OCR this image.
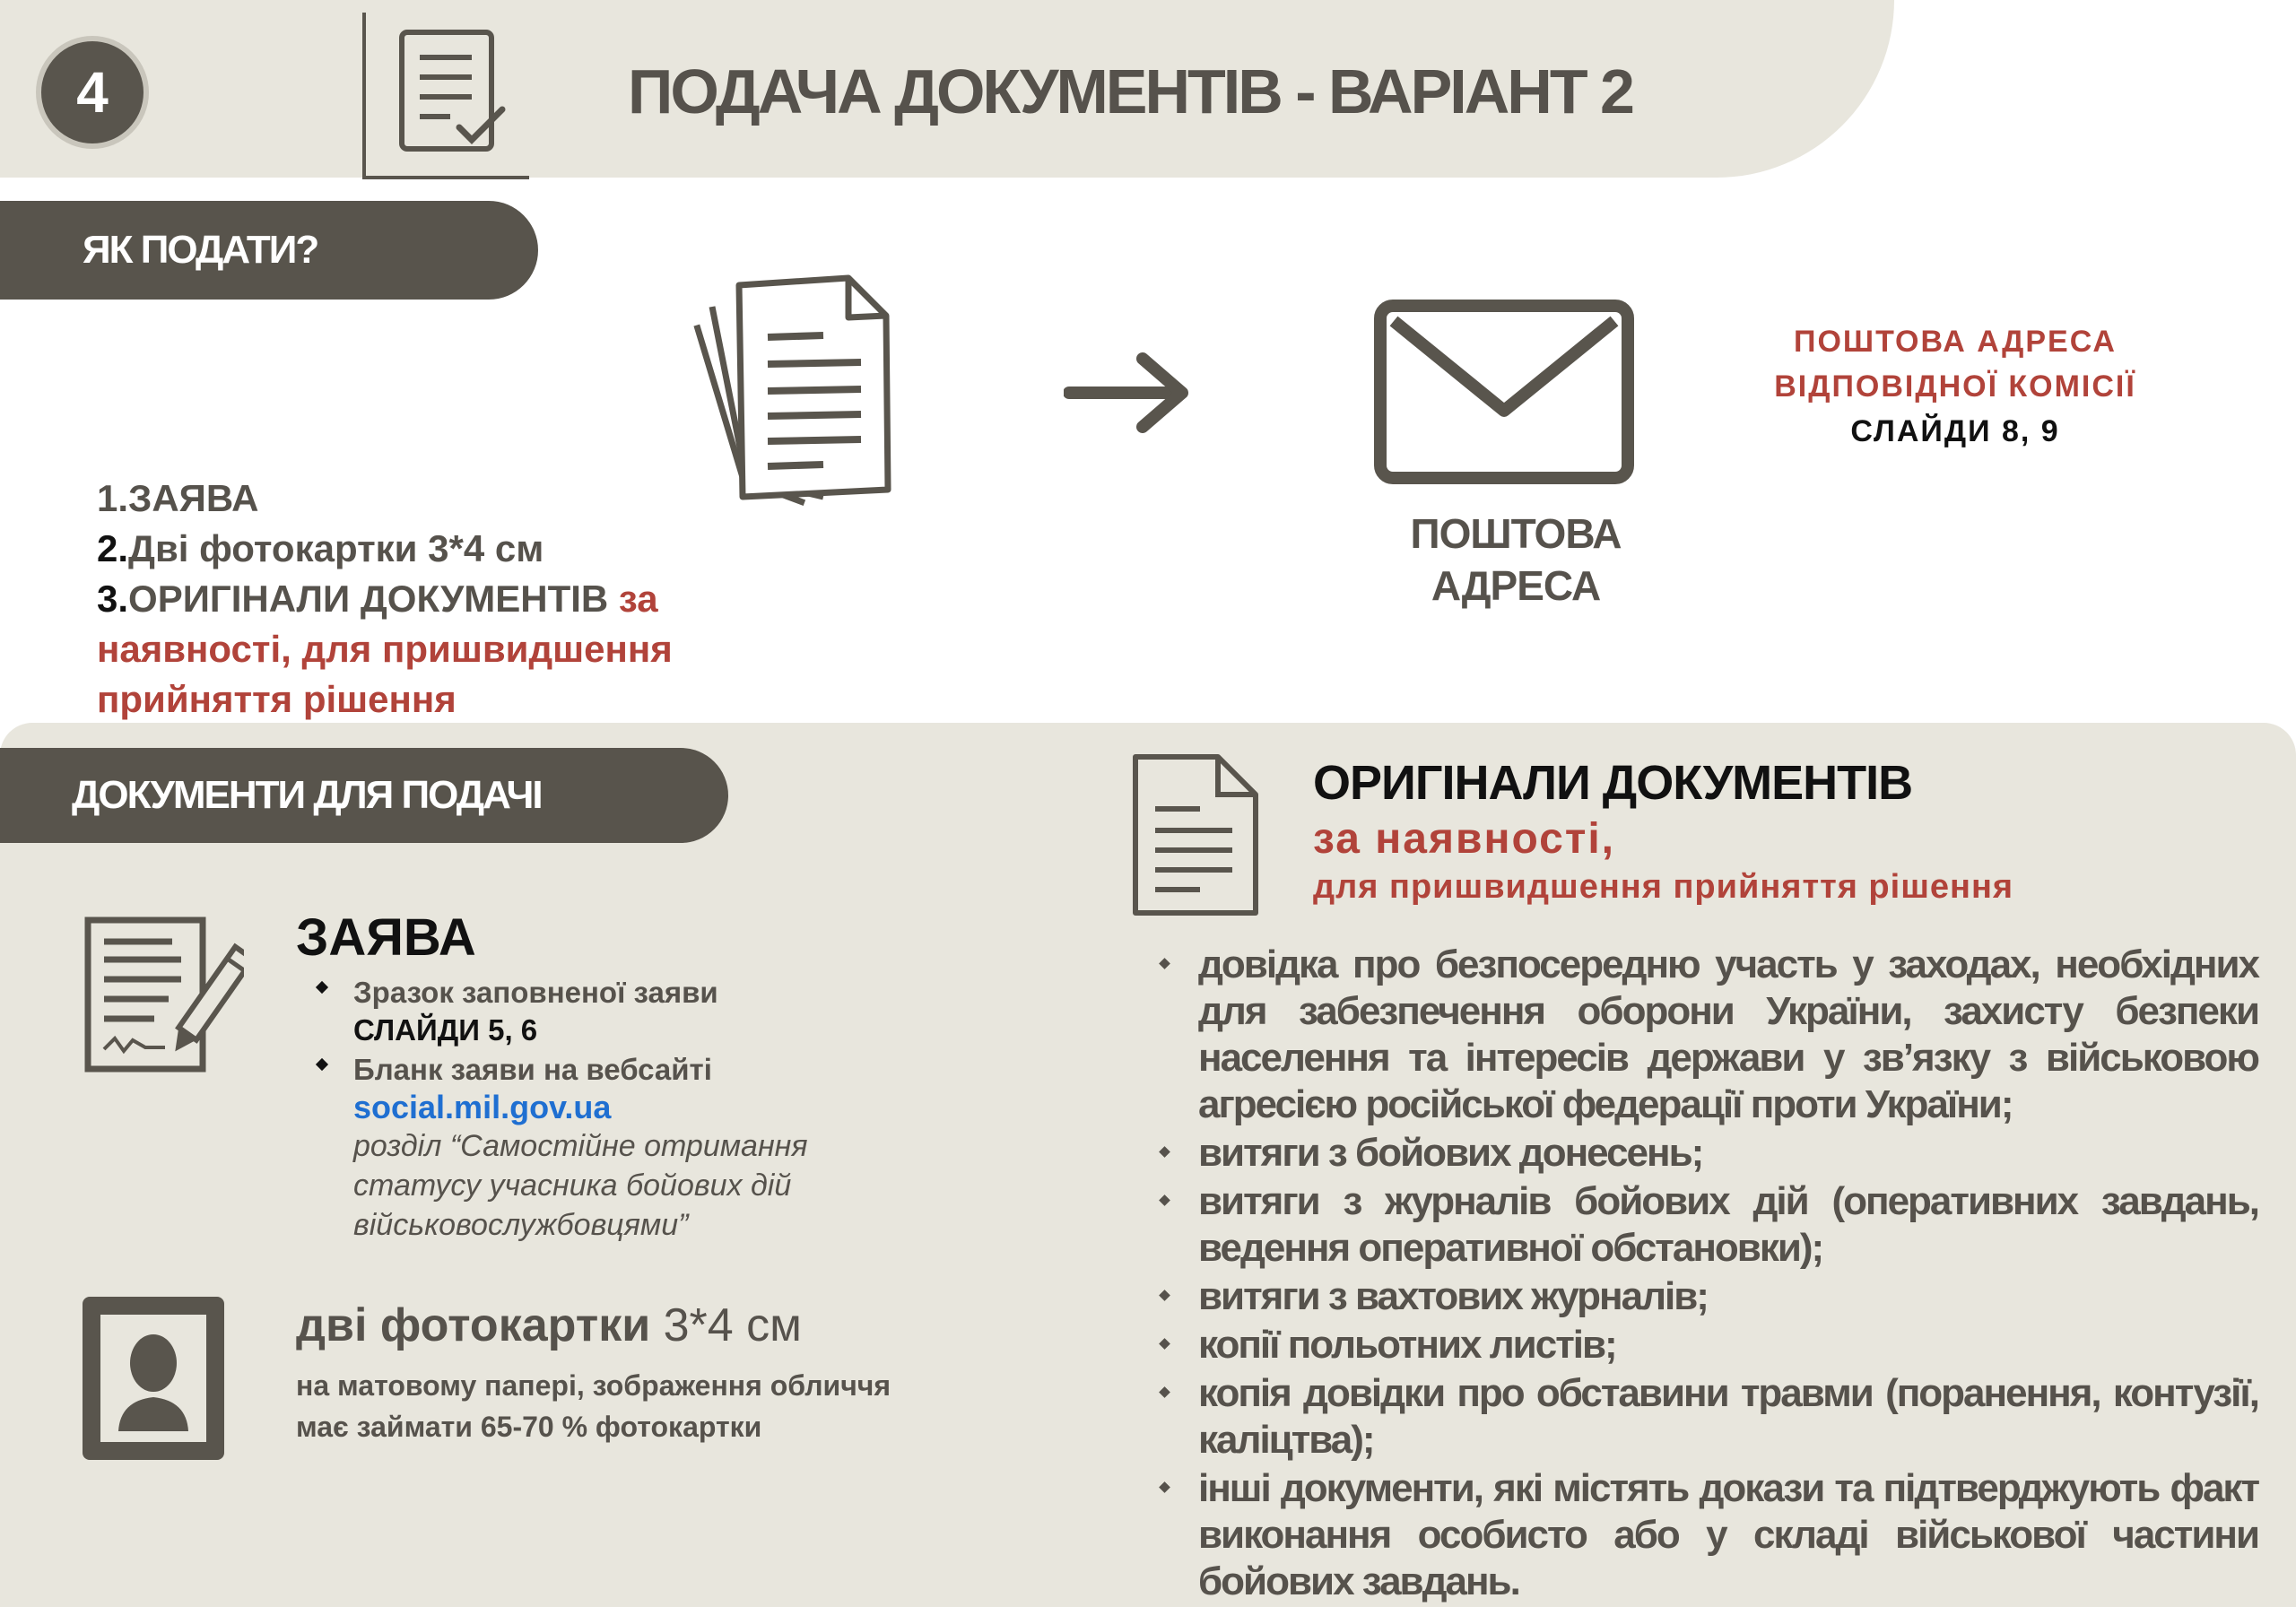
4	ПОДАЧА ДОКУМЕНТІВ - ВАРІАНТ 2
ЯК ПОДАТИ?
ПОШТОВА
АДРЕСА
ПОШТОВА АДРЕСА
ВІДПОВІДНОЇ КОМІСІЇ
СЛАЙДИ 8, 9
1.ЗАЯВА
2.Дві фотокартки 3*4 см
3.ОРИГІНАЛИ ДОКУМЕНТІВ за
наявності, для пришвидшення
прийняття рішення
ДОКУМЕНТИ ДЛЯ ПОДАЧІ
ЗАЯВА
Зразок заповненої заяви
СЛАЙДИ 5, 6
Бланк заяви на вебсайті
social.mil.gov.ua
розділ “Самостійне отримання
статусу учасника бойових дій
військовослужбовцями”
дві фотокартки 3*4 см
на матовому папері, зображення обличчя
має займати 65-70 % фотокартки
ОРИГІНАЛИ ДОКУМЕНТІВ
за наявності,
для пришвидшення прийняття рішення
довідка про безпосередню участь у заходах, необхідних для забезпечення оборони України, захисту безпеки населення та інтересів держави у зв’язку з військовою агресією російської федерації проти України;
витяги з бойових донесень;
витяги з журналів бойових дій (оперативних завдань, ведення оперативної обстановки);
витяги з вахтових журналів;
копії польотних листів;
копія довідки про обставини травми (поранення, контузії, каліцтва);
інші документи, які містять докази та підтверджують факт виконання особисто або у складі військової частини бойових завдань.
